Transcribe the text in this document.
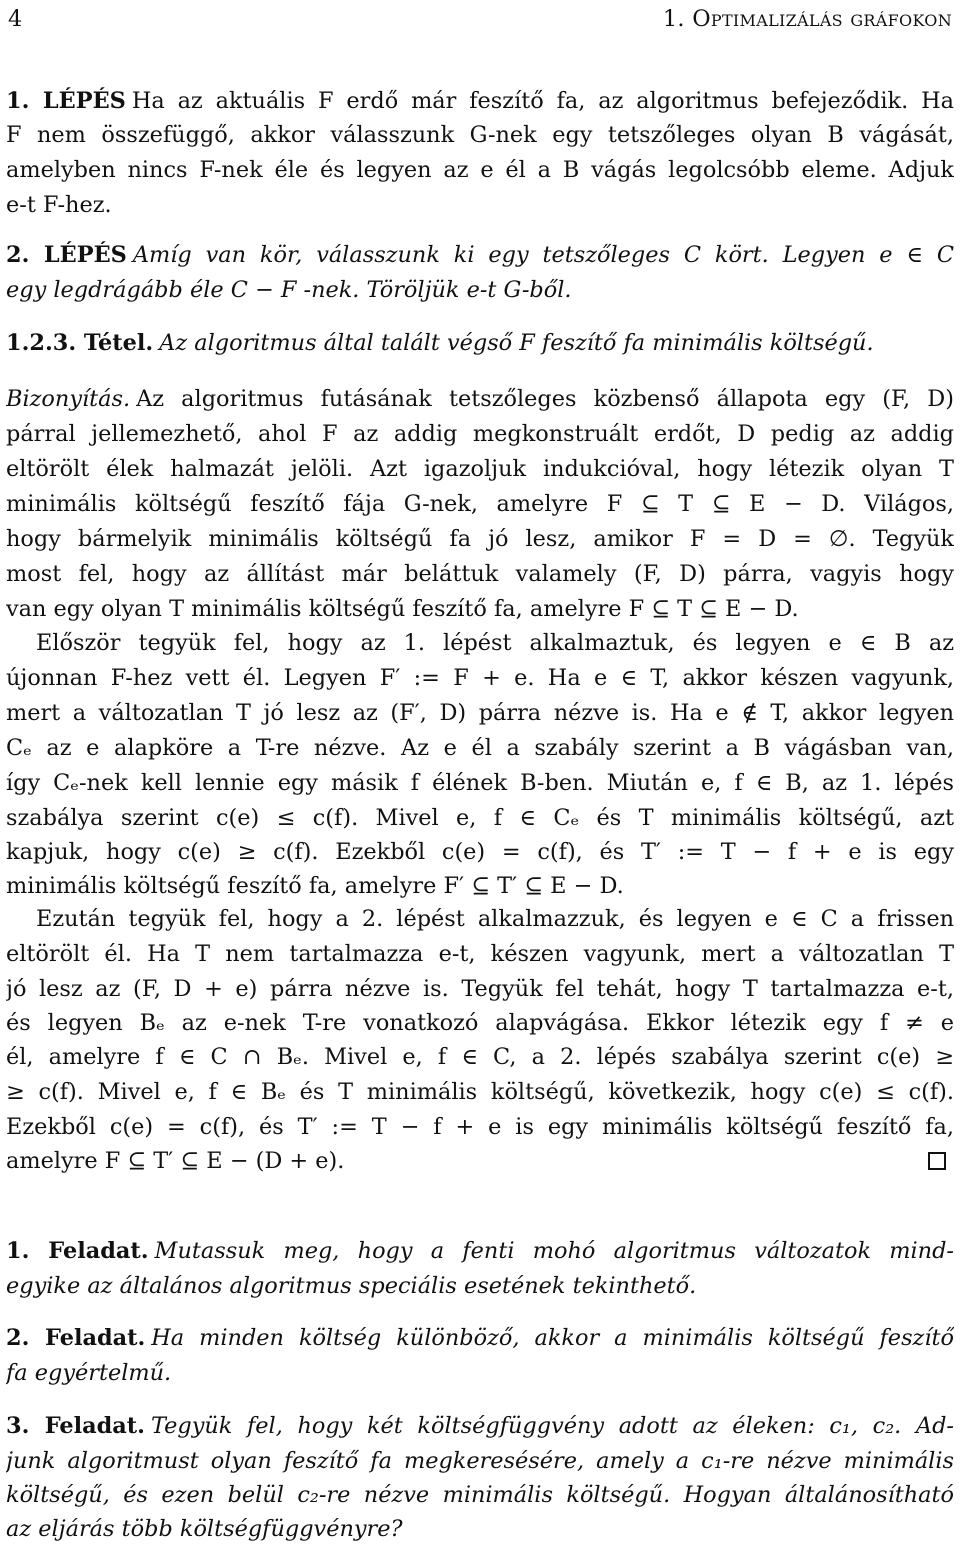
4	1. Optimalizálás gráfokon
1. LÉPÉS Ha az aktuális F erdő már feszítő fa, az algoritmus befejeződik. Ha
F nem összefüggő, akkor válasszunk G-nek egy tetszőleges olyan B vágását,
amelyben nincs F-nek éle és legyen az e él a B vágás legolcsóbb eleme. Adjuk
e-t F-hez.
2. LÉPÉS Amíg van kör, válasszunk ki egy tetszőleges C kört. Legyen e ∈ C
egy legdrágább éle C − F -nek. Töröljük e-t G-ből.
1.2.3. Tétel. Az algoritmus által talált végső F feszítő fa minimális költségű.
Bizonyítás. Az algoritmus futásának tetszőleges közbenső állapota egy (F, D)
párral jellemezhető, ahol F az addig megkonstruált erdőt, D pedig az addig
eltörölt élek halmazát jelöli. Azt igazoljuk indukcióval, hogy létezik olyan T
minimális költségű feszítő fája G-nek, amelyre F ⊆ T ⊆ E − D. Világos,
hogy bármelyik minimális költségű fa jó lesz, amikor F = D = ∅. Tegyük
most fel, hogy az állítást már beláttuk valamely (F, D) párra, vagyis hogy
van egy olyan T minimális költségű feszítő fa, amelyre F ⊆ T ⊆ E − D.
Először tegyük fel, hogy az 1. lépést alkalmaztuk, és legyen e ∈ B az
újonnan F-hez vett él. Legyen F′ := F + e. Ha e ∈ T, akkor készen vagyunk,
mert a változatlan T jó lesz az (F′, D) párra nézve is. Ha e ∉ T, akkor legyen
Cₑ az e alapköre a T-re nézve. Az e él a szabály szerint a B vágásban van,
így Cₑ-nek kell lennie egy másik f élének B-ben. Miután e, f ∈ B, az 1. lépés
szabálya szerint c(e) ≤ c(f). Mivel e, f ∈ Cₑ és T minimális költségű, azt
kapjuk, hogy c(e) ≥ c(f). Ezekből c(e) = c(f), és T′ := T − f + e is egy
minimális költségű feszítő fa, amelyre F′ ⊆ T′ ⊆ E − D.
Ezután tegyük fel, hogy a 2. lépést alkalmazzuk, és legyen e ∈ C a frissen
eltörölt él. Ha T nem tartalmazza e-t, készen vagyunk, mert a változatlan T
jó lesz az (F, D + e) párra nézve is. Tegyük fel tehát, hogy T tartalmazza e-t,
és legyen Bₑ az e-nek T-re vonatkozó alapvágása. Ekkor létezik egy f ≠ e
él, amelyre f ∈ C ∩ Bₑ. Mivel e, f ∈ C, a 2. lépés szabálya szerint c(e) ≥
≥ c(f). Mivel e, f ∈ Bₑ és T minimális költségű, következik, hogy c(e) ≤ c(f).
Ezekből c(e) = c(f), és T′ := T − f + e is egy minimális költségű feszítő fa,
amelyre F ⊆ T′ ⊆ E − (D + e).
1. Feladat. Mutassuk meg, hogy a fenti mohó algoritmus változatok mind-
egyike az általános algoritmus speciális esetének tekinthető.
2. Feladat. Ha minden költség különböző, akkor a minimális költségű feszítő
fa egyértelmű.
3. Feladat. Tegyük fel, hogy két költségfüggvény adott az éleken: c₁, c₂. Ad-
junk algoritmust olyan feszítő fa megkeresésére, amely a c₁-re nézve minimális
költségű, és ezen belül c₂-re nézve minimális költségű. Hogyan általánosítható
az eljárás több költségfüggvényre?
